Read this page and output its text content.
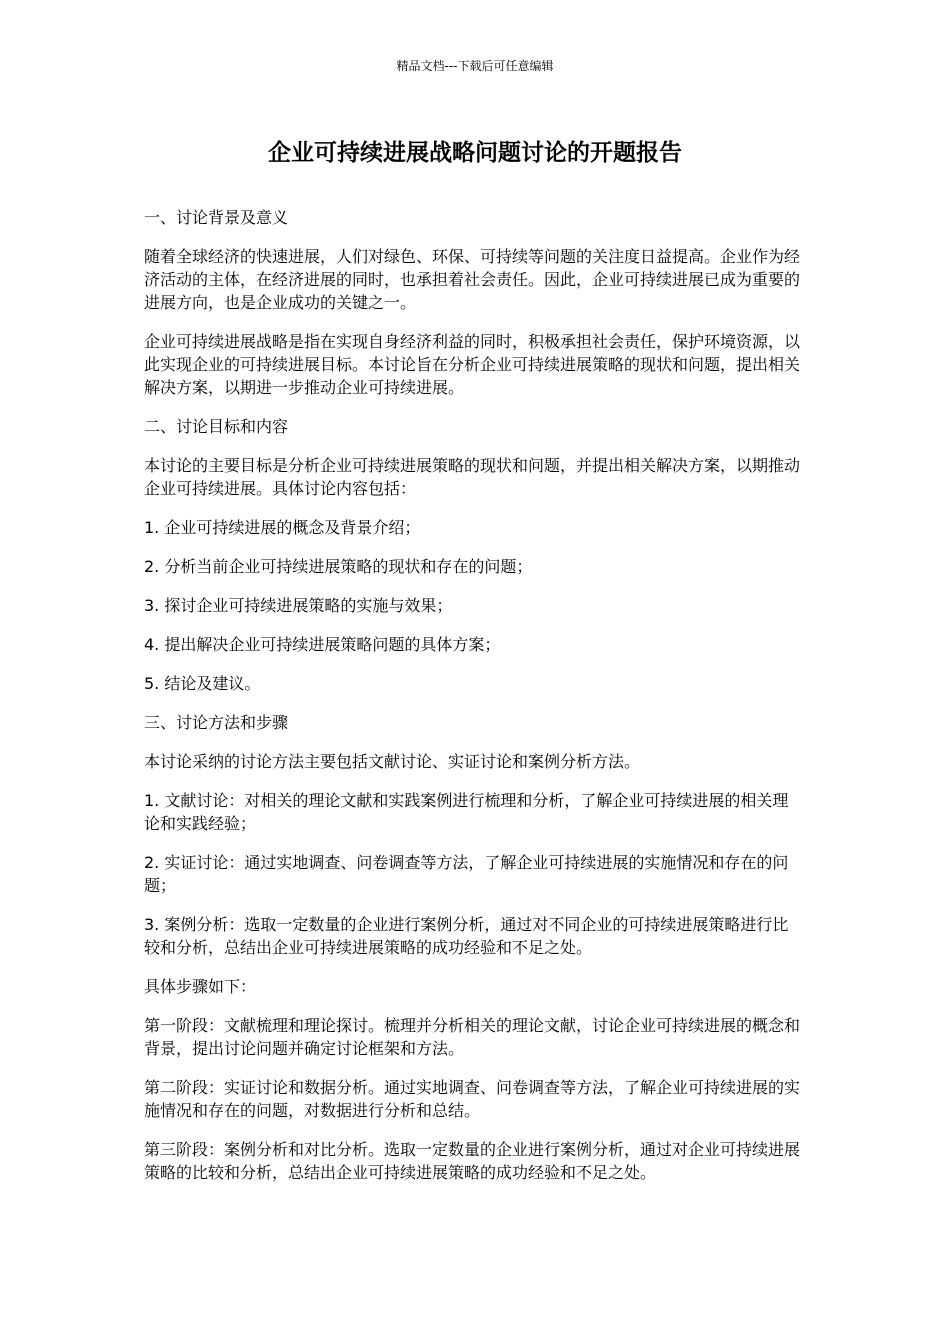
精品文档---下载后可任意编辑
企业可持续进展战略问题讨论的开题报告

一、讨论背景及意义

随着全球经济的快速进展，人们对绿色、环保、可持续等问题的关注度日益提高。企业作为经济活动的主体，在经济进展的同时，也承担着社会责任。因此，企业可持续进展已成为重要的进展方向，也是企业成功的关键之一。

企业可持续进展战略是指在实现自身经济利益的同时，积极承担社会责任，保护环境资源，以此实现企业的可持续进展目标。本讨论旨在分析企业可持续进展策略的现状和问题，提出相关解决方案，以期进一步推动企业可持续进展。

二、讨论目标和内容

本讨论的主要目标是分析企业可持续进展策略的现状和问题，并提出相关解决方案，以期推动企业可持续进展。具体讨论内容包括：

1. 企业可持续进展的概念及背景介绍；

2. 分析当前企业可持续进展策略的现状和存在的问题；

3. 探讨企业可持续进展策略的实施与效果；

4. 提出解决企业可持续进展策略问题的具体方案；

5. 结论及建议。

三、讨论方法和步骤

本讨论采纳的讨论方法主要包括文献讨论、实证讨论和案例分析方法。

1. 文献讨论：对相关的理论文献和实践案例进行梳理和分析，了解企业可持续进展的相关理论和实践经验；

2. 实证讨论：通过实地调查、问卷调查等方法，了解企业可持续进展的实施情况和存在的问题；

3. 案例分析：选取一定数量的企业进行案例分析，通过对不同企业的可持续进展策略进行比较和分析，总结出企业可持续进展策略的成功经验和不足之处。

具体步骤如下：

第一阶段：文献梳理和理论探讨。梳理并分析相关的理论文献，讨论企业可持续进展的概念和背景，提出讨论问题并确定讨论框架和方法。

第二阶段：实证讨论和数据分析。通过实地调查、问卷调查等方法，了解企业可持续进展的实施情况和存在的问题，对数据进行分析和总结。

第三阶段：案例分析和对比分析。选取一定数量的企业进行案例分析，通过对企业可持续进展策略的比较和分析，总结出企业可持续进展策略的成功经验和不足之处。
